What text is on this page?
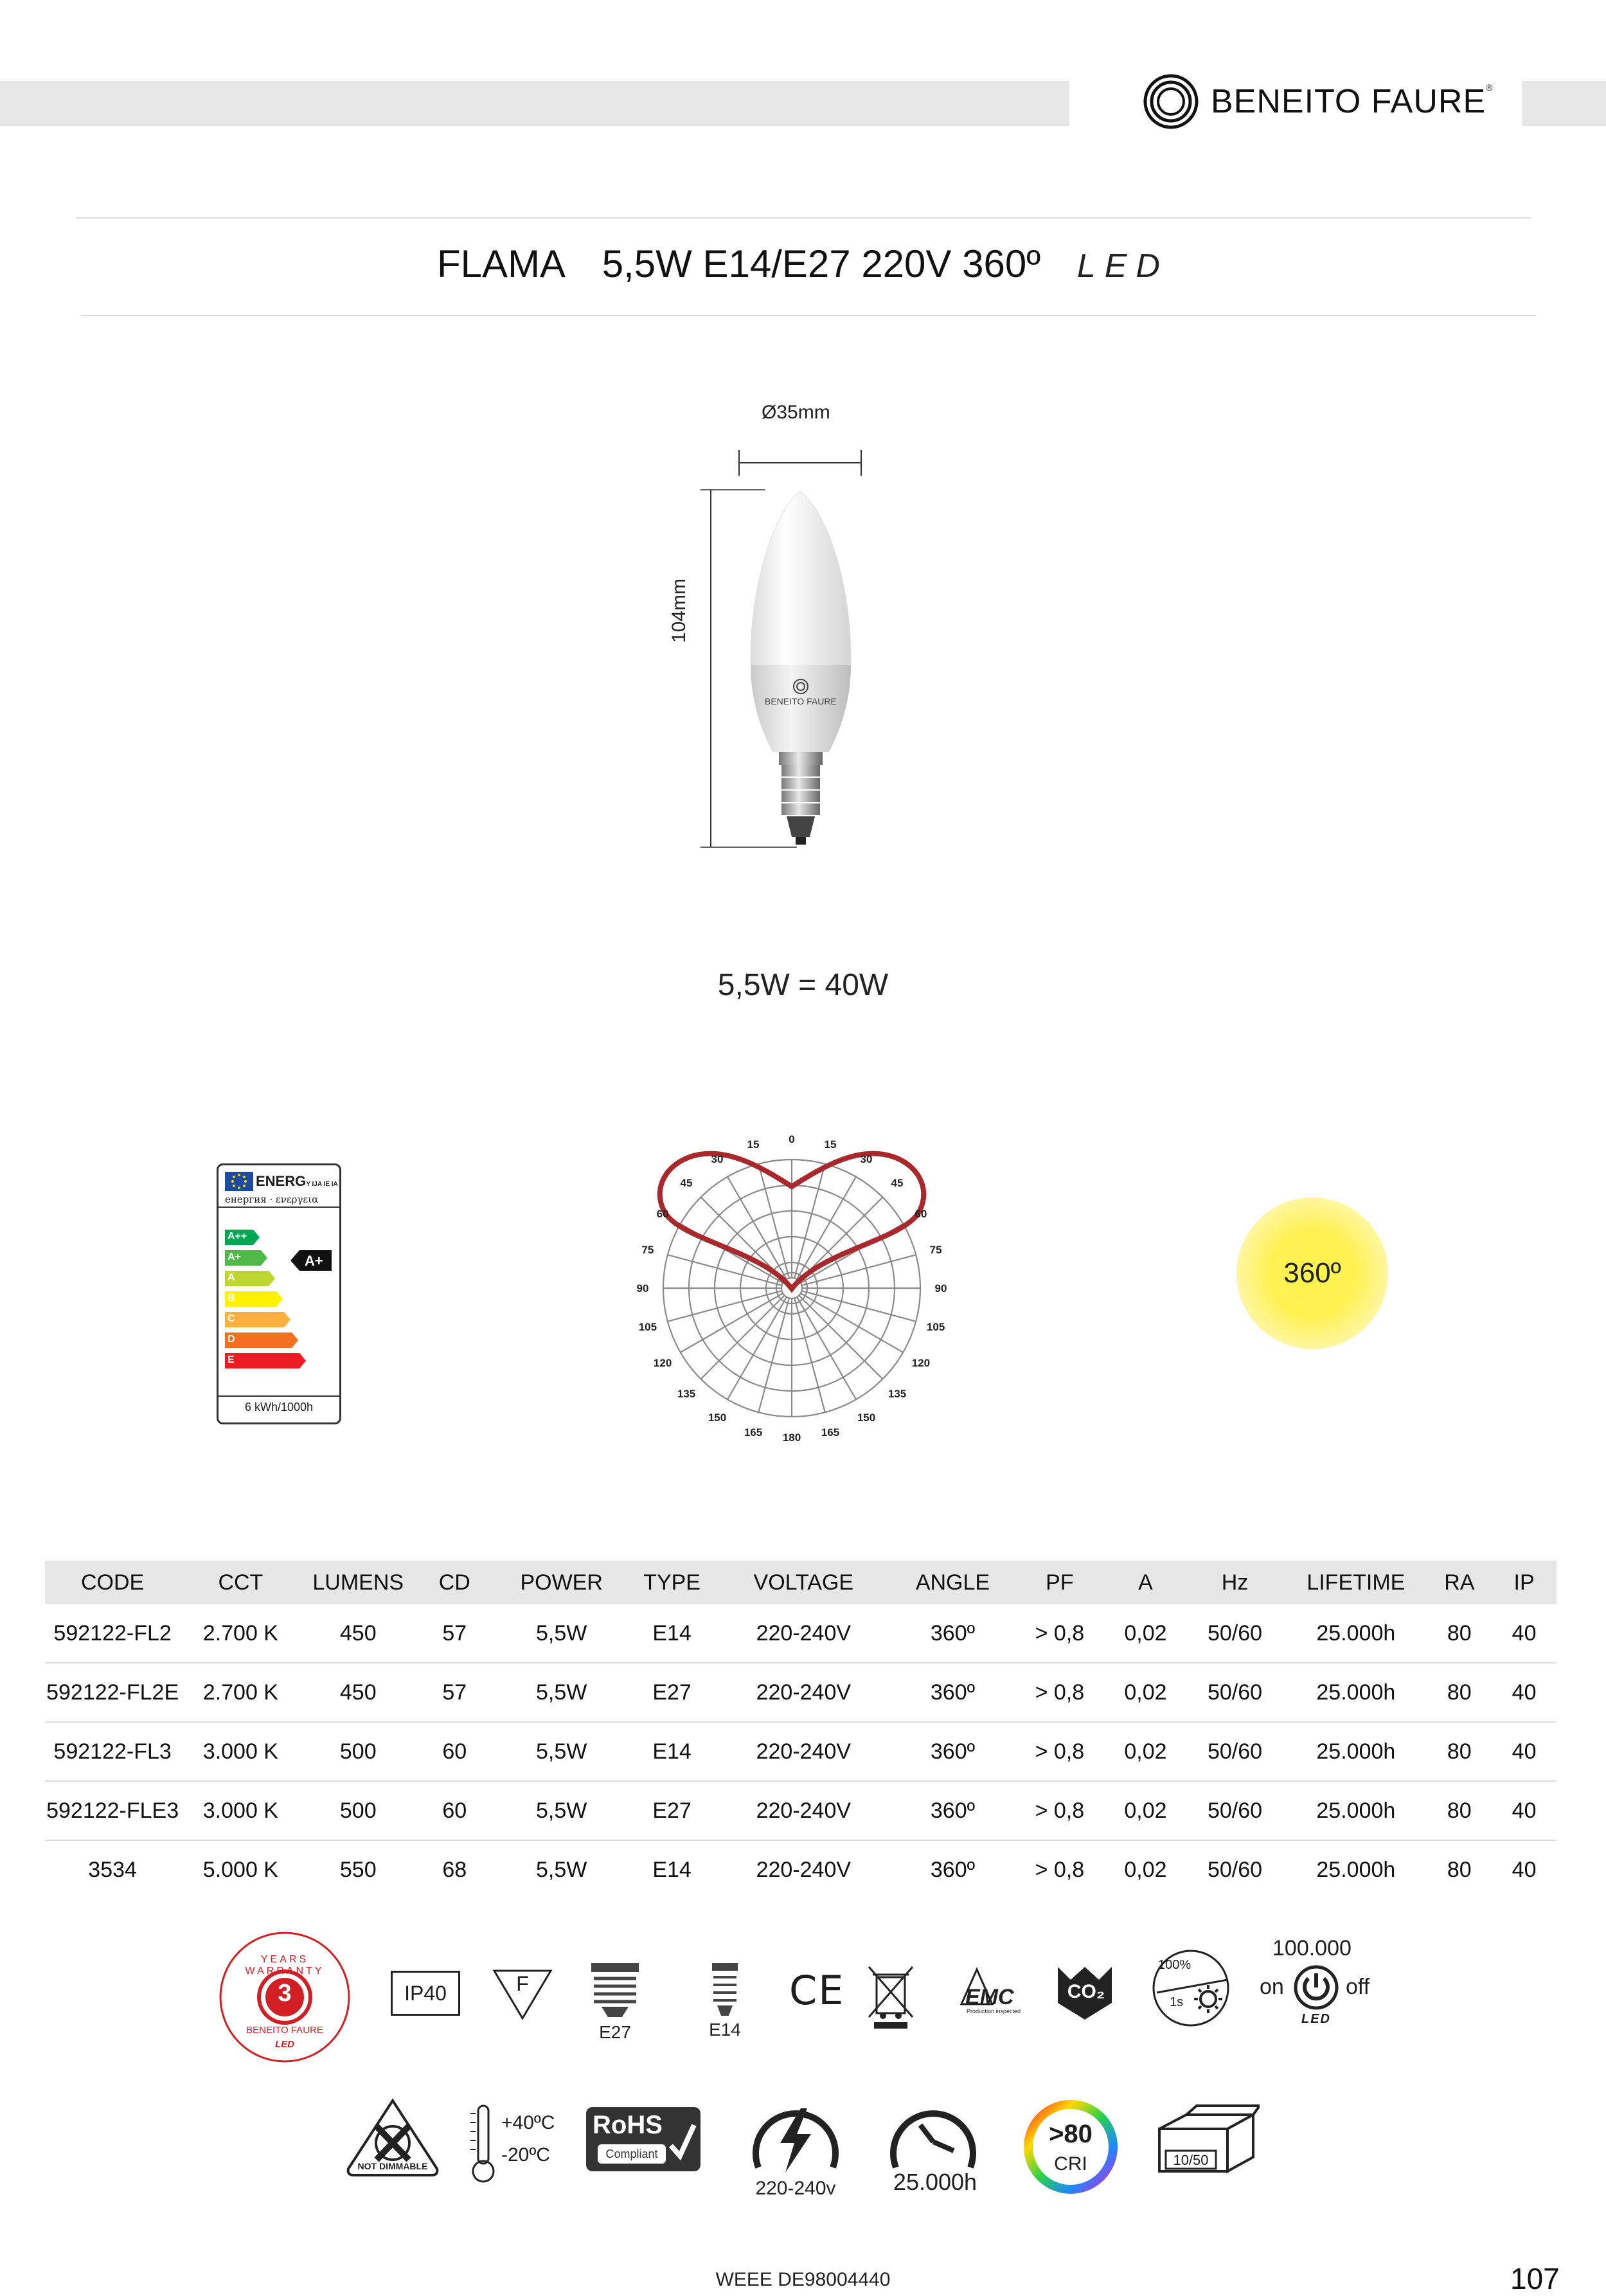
BENEITO FAURE®
FLAMA 5,5W E14/E27 220V 360º LED
Ø35mm
BENEITO FAURE
104mm
5,5W = 40W
ENERGY IJA IE IA
енергия · ενεργεια
A++
A+
A
B
C
D
E
A+
6 kWh/1000h
0
15
30
45
60
75
90
105
120
135
150
165 180
15
30
45
60
75
90
105
120
135
150
165
360º
CODE	CCT	LUMENS	CD	POWER	TYPE	VOLTAGE	ANGLE	PF	A	Hz	LIFETIME	RA	IP
592122-FL2	2.700 K	450	57	5,5W	E14	220-240V	360º	> 0,8	0,02	50/60	25.000h	80	40
592122-FL2E	2.700 K	450	57	5,5W	E27	220-240V	360º	> 0,8	0,02	50/60	25.000h	80	40
592122-FL3	3.000 K	500	60	5,5W	E14	220-240V	360º	> 0,8	0,02	50/60	25.000h	80	40
592122-FLE3	3.000 K	500	60	5,5W	E27	220-240V	360º	> 0,8	0,02	50/60	25.000h	80	40
3534	5.000 K	550	68	5,5W	E14	220-240V	360º	> 0,8	0,02	50/60	25.000h	80	40
YEARS WARRANTY
3
BENEITO FAURE
LED
IP40	F
E27	E14
CE	EMC
Production inspected
CO₂
100%
1s
100.000
on	off
LED
NOT DIMMABLE
+40ºC
-20ºC
RoHS
Compliant
220-240v	25.000h
>80
CRI	10/50
WEEE DE98004440	107
